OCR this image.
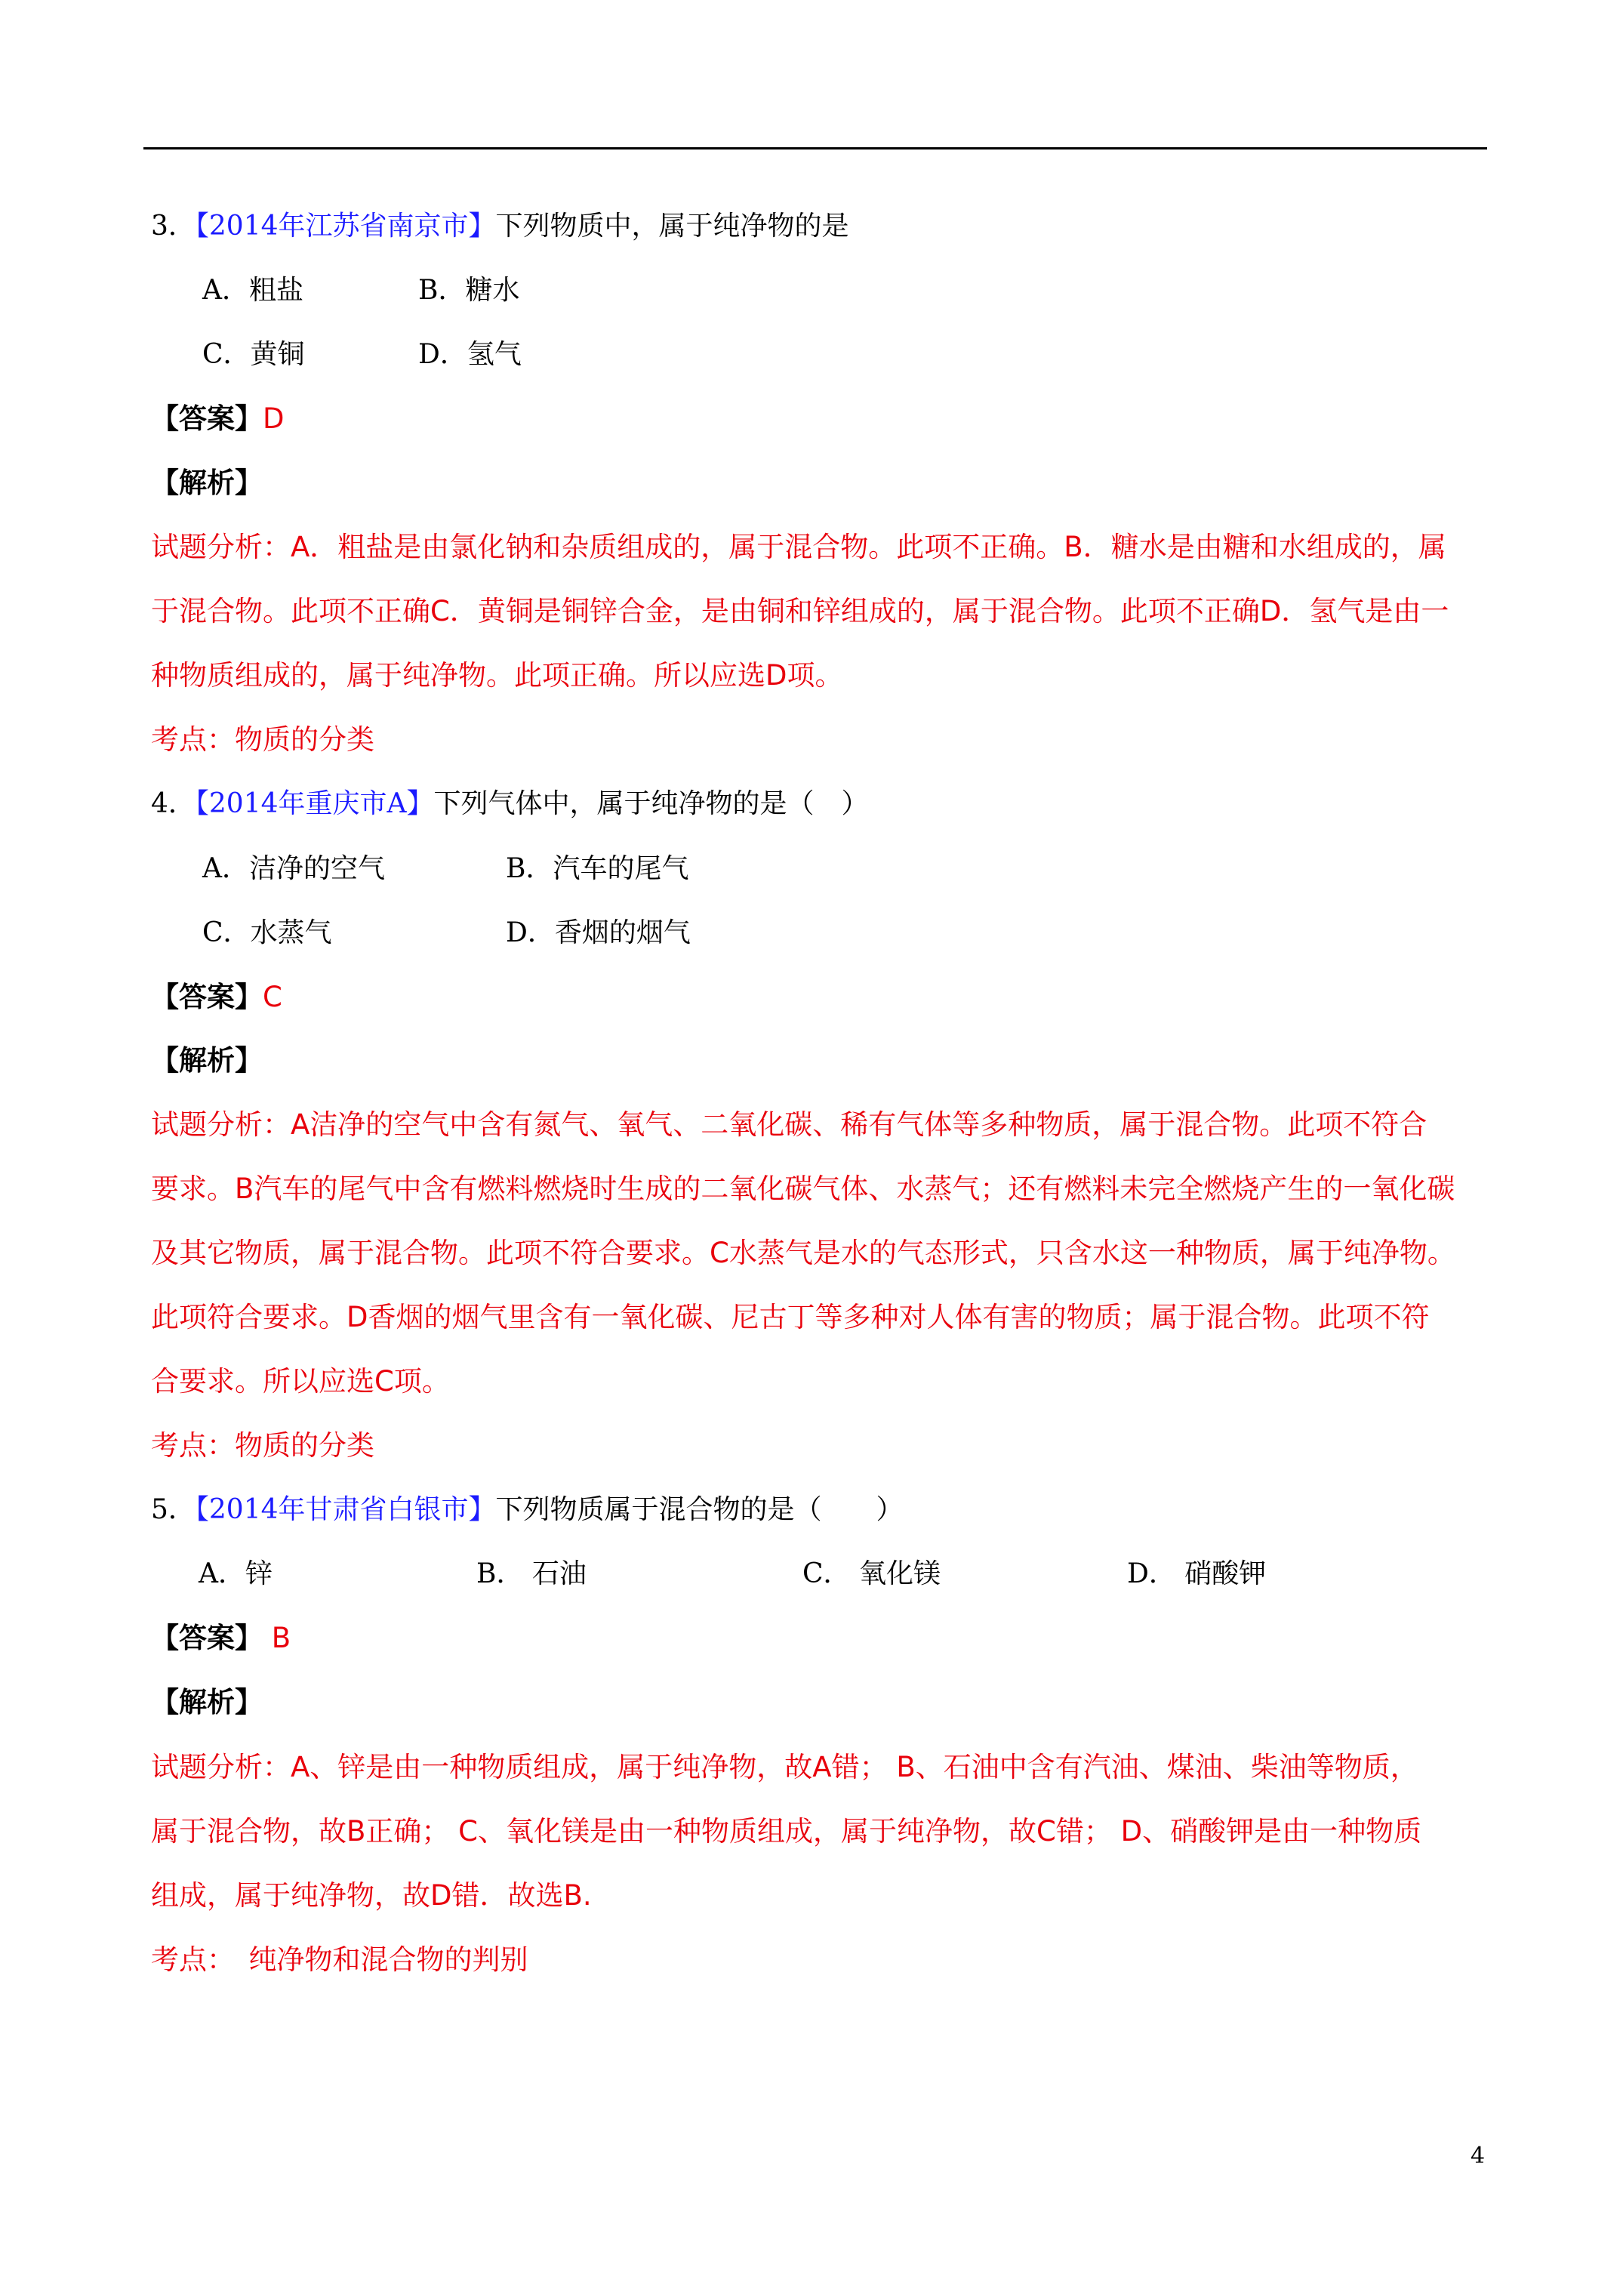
3．【2014年江苏省南京市】下列物质中，属于纯净物的是
A．粗盐	B．糖水
C．黄铜	D．氢气
【答案】D
【解析】
试题分析：A．粗盐是由氯化钠和杂质组成的，属于混合物。此项不正确。B．糖水是由糖和水组成的，属
于混合物。此项不正确C．黄铜是铜锌合金，是由铜和锌组成的，属于混合物。此项不正确D．氢气是由一
种物质组成的，属于纯净物。此项正确。所以应选D项。
考点：物质的分类
4．【2014年重庆市A】下列气体中，属于纯净物的是（　）
A．洁净的空气	B．汽车的尾气
C．水蒸气	D．香烟的烟气
【答案】C
【解析】
试题分析：A洁净的空气中含有氮气、氧气、二氧化碳、稀有气体等多种物质，属于混合物。此项不符合
要求。B汽车的尾气中含有燃料燃烧时生成的二氧化碳气体、水蒸气；还有燃料未完全燃烧产生的一氧化碳
及其它物质，属于混合物。此项不符合要求。C水蒸气是水的气态形式，只含水这一种物质，属于纯净物。
此项符合要求。D香烟的烟气里含有一氧化碳、尼古丁等多种对人体有害的物质；属于混合物。此项不符
合要求。所以应选C项。
考点：物质的分类
5．【2014年甘肃省白银市】下列物质属于混合物的是（　　）
A．锌	B． 石油	C． 氧化镁	D． 硝酸钾
【答案】 B
【解析】
试题分析：A、锌是由一种物质组成，属于纯净物，故A错； B、石油中含有汽油、煤油、柴油等物质，
属于混合物，故B正确； C、氧化镁是由一种物质组成，属于纯净物，故C错； D、硝酸钾是由一种物质
组成，属于纯净物，故D错．故选B.
考点：　纯净物和混合物的判别
4
